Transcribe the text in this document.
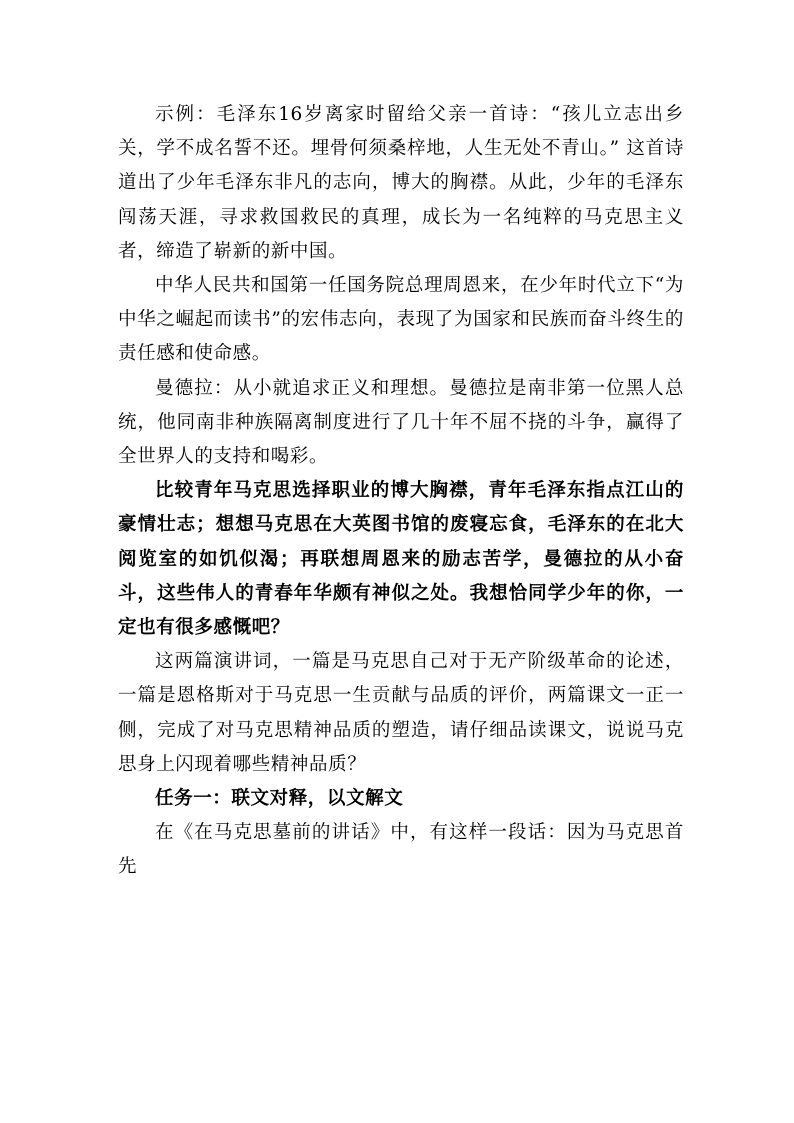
示例：毛泽东16岁离家时留给父亲一首诗：“孩儿立志出乡关，学不成名誓不还。埋骨何须桑梓地，人生无处不青山。” 这首诗道出了少年毛泽东非凡的志向，博大的胸襟。从此，少年的毛泽东闯荡天涯，寻求救国救民的真理，成长为一名纯粹的马克思主义者，缔造了崭新的新中国。

中华人民共和国第一任国务院总理周恩来，在少年时代立下“为中华之崛起而读书”的宏伟志向，表现了为国家和民族而奋斗终生的责任感和使命感。

曼德拉：从小就追求正义和理想。曼德拉是南非第一位黑人总统，他同南非种族隔离制度进行了几十年不屈不挠的斗争，赢得了全世界人的支持和喝彩。

比较青年马克思选择职业的博大胸襟，青年毛泽东指点江山的豪情壮志；想想马克思在大英图书馆的废寝忘食，毛泽东的在北大阅览室的如饥似渴；再联想周恩来的励志苦学，曼德拉的从小奋斗，这些伟人的青春年华颇有神似之处。我想恰同学少年的你，一定也有很多感慨吧？

这两篇演讲词，一篇是马克思自己对于无产阶级革命的论述，一篇是恩格斯对于马克思一生贡献与品质的评价，两篇课文一正一侧，完成了对马克思精神品质的塑造，请仔细品读课文，说说马克思身上闪现着哪些精神品质？

任务一：联文对释，以文解文

在《在马克思墓前的讲话》中，有这样一段话：因为马克思首先
